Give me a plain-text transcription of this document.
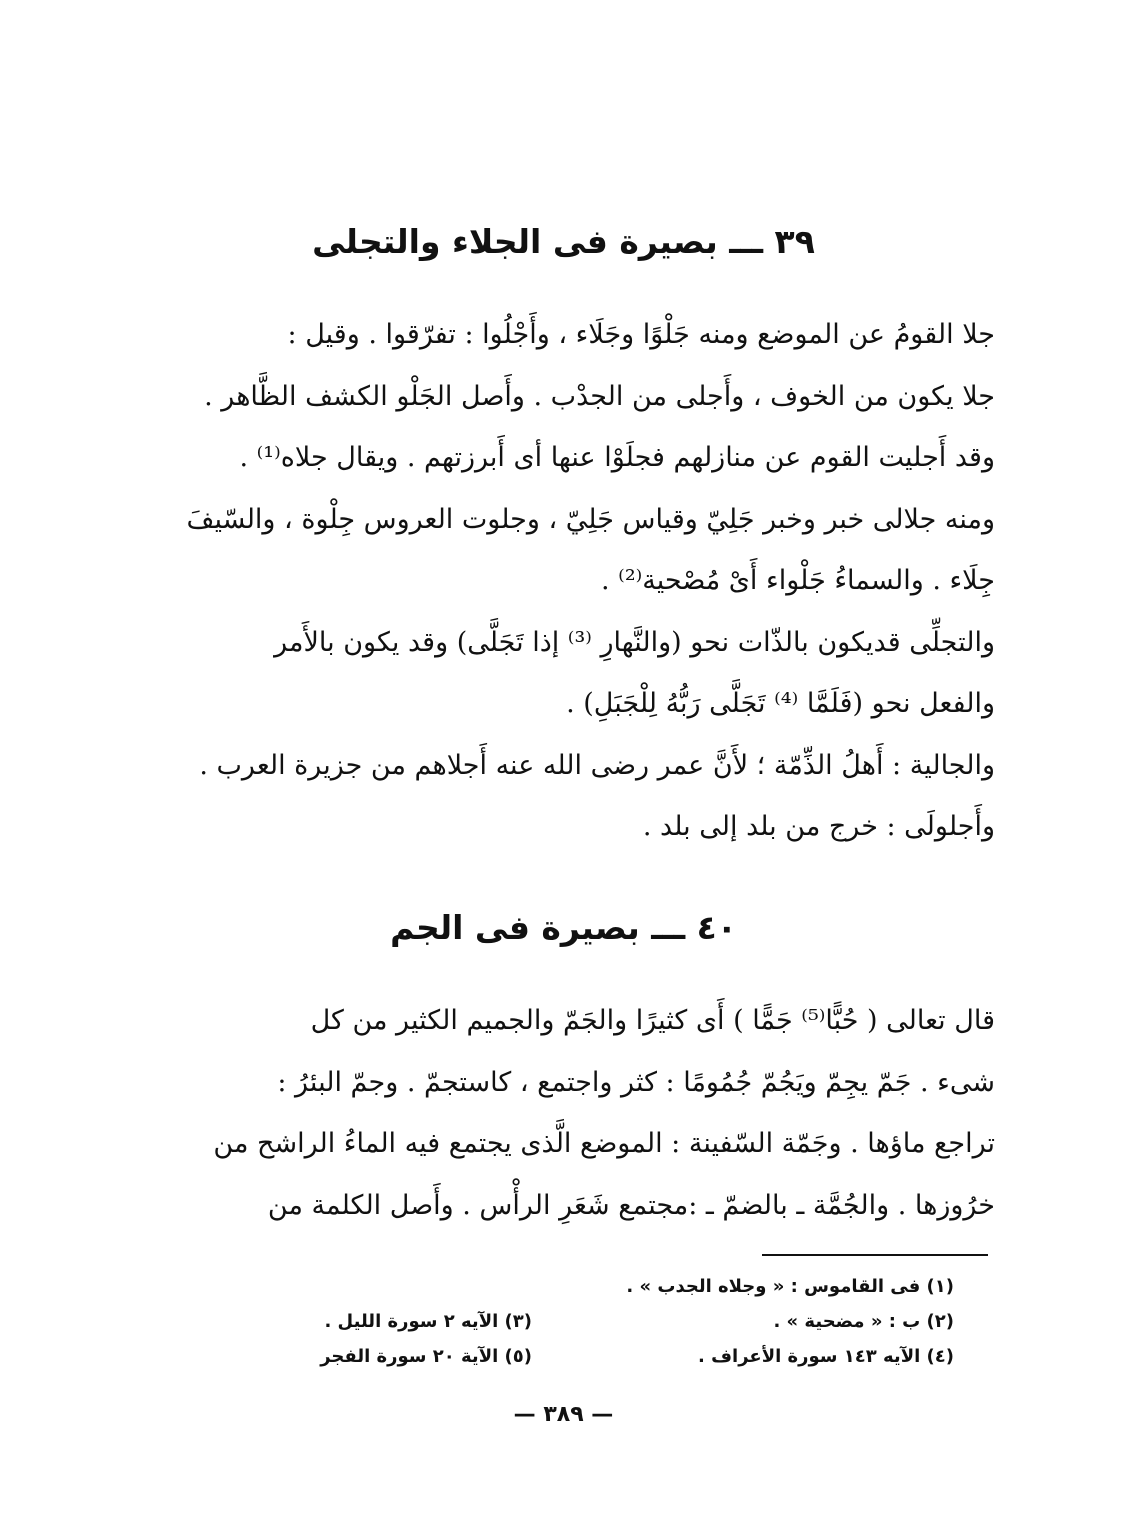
٣٩ ـــ بصيرة فى الجلاء والتجلى
جلا القومُ عن الموضع ومنه جَلْوًا وجَلَاء ، وأَجْلُوا : تفرّقوا . وقيل :
جلا يكون من الخوف ، وأَجلى من الجدْب . وأَصل الجَلْو الكشف الظَّاهر .
وقد أَجليت القوم عن منازلهم فجلَوْا عنها أى أَبرزتهم . ويقال جلاه⁽¹⁾ .
ومنه جلالى خبر وخبر جَلِيّ وقياس جَلِيّ ، وجلوت العروس جِلْوة ، والسّيفَ
جِلَاء . والسماءُ جَلْواء أَىْ مُصْحية⁽²⁾ .
والتجلِّى قديكون بالذّات نحو (والنَّهارِ ⁽³⁾ إذا تَجَلَّى) وقد يكون بالأَمر
والفعل نحو (فَلَمَّا ⁽⁴⁾ تَجَلَّى رَبُّهُ لِلْجَبَلِ) .
والجالية : أَهلُ الذِّمّة ؛ لأَنَّ عمر رضى الله عنه أَجلاهم من جزيرة العرب .
وأَجلولَى : خرج من بلد إلى بلد .
٤٠ ـــ بصيرة فى الجم
قال تعالى ( حُبًّا⁽⁵⁾ جَمًّا ) أَى كثيرًا والجَمّ والجميم الكثير من كل
شىء . جَمّ يجِمّ ويَجُمّ جُمُومًا : كثر واجتمع ، كاستجمّ . وجمّ البئرُ :
تراجع ماؤها . وجَمّة السّفينة : الموضع الَّذى يجتمع فيه الماءُ الراشح من
خرُوزها . والجُمَّة ـ بالضمّ ـ :مجتمع شَعَرِ الرأْس . وأَصل الكلمة من
(١) فى القاموس : « وجلاه الجدب » .
(٢) ب : « مضحية » .
(٣) الآيه ٢ سورة الليل .
(٤) الآيه ١٤٣ سورة الأعراف .
(٥) الآية ٢٠ سورة الفجر
— ٣٨٩ —
